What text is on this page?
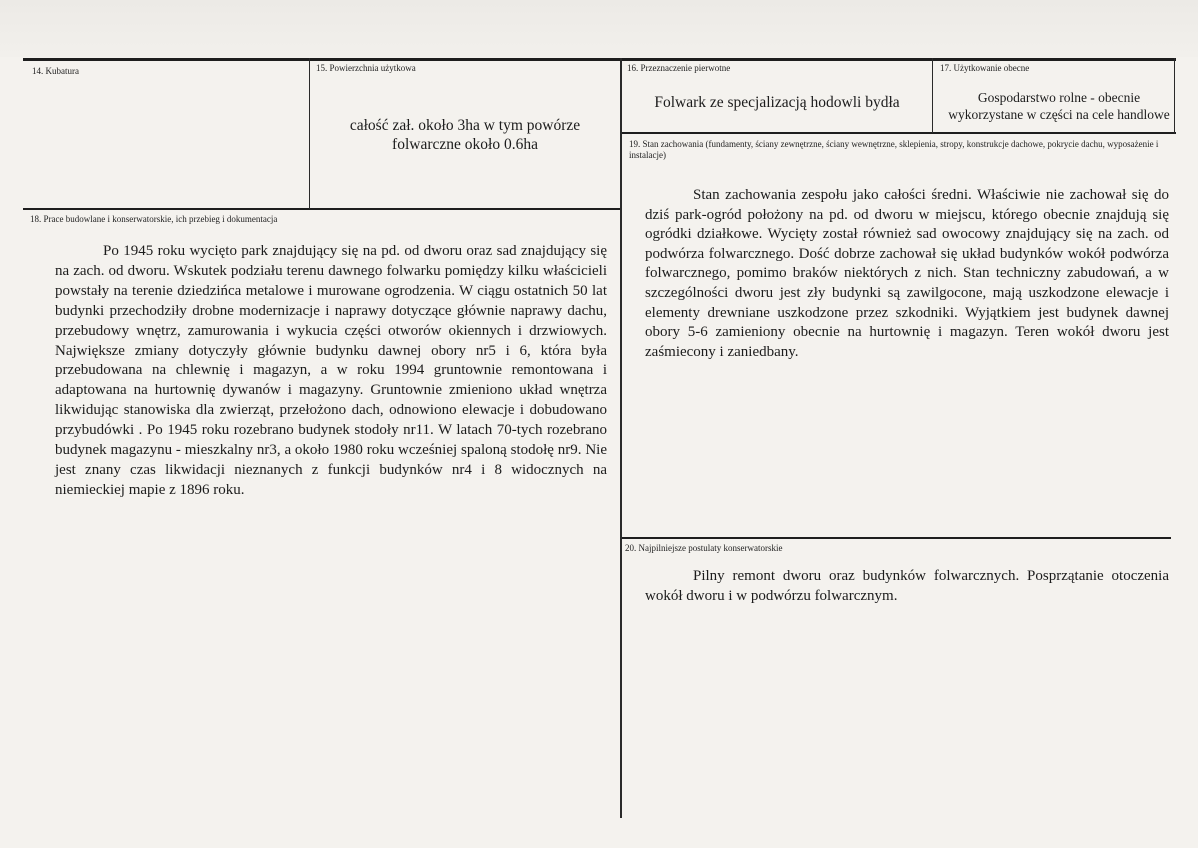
14. Kubatura	15. Powierzchnia użytkowa
całość zał. około 3ha w tym powórze folwarczne około 0.6ha
16. Przeznaczenie pierwotne
Folwark ze specjalizacją hodowli bydła
17. Użytkowanie obecne
Gospodarstwo rolne - obecnie wykorzystane w części na cele handlowe
18. Prace budowlane i konserwatorskie, ich przebieg i dokumentacja
Po 1945 roku wycięto park znajdujący się na pd. od dworu oraz sad znajdujący się na zach. od dworu. Wskutek podziału terenu dawnego folwarku pomiędzy kilku właścicieli powstały na terenie dziedzińca metalowe i murowane ogrodzenia. W ciągu ostatnich 50 lat budynki przechodziły drobne modernizacje i naprawy dotyczące głównie naprawy dachu, przebudowy wnętrz, zamurowania i wykucia części otworów okiennych i drzwiowych. Największe zmiany dotyczyły głównie budynku dawnej obory nr5 i 6, która była przebudowana na chlewnię i magazyn, a w roku 1994 gruntownie remontowana i adaptowana na hurtownię dywanów i magazyny. Gruntownie zmieniono układ wnętrza likwidując stanowiska dla zwierząt, przełożono dach, odnowiono elewacje i dobudowano przybudówki . Po 1945 roku rozebrano budynek stodoły nr11. W latach 70-tych rozebrano budynek magazynu - mieszkalny nr3, a około 1980 roku wcześniej spaloną stodołę nr9. Nie jest znany czas likwidacji nieznanych z funkcji budynków nr4 i 8 widocznych na niemieckiej mapie z 1896 roku.
19. Stan zachowania (fundamenty, ściany zewnętrzne, ściany wewnętrzne, sklepienia, stropy, konstrukcje dachowe, pokrycie dachu, wyposażenie i instalacje)
Stan zachowania zespołu jako całości średni. Właściwie nie zachował się do dziś park-ogród położony na pd. od dworu w miejscu, którego obecnie znajdują się ogródki działkowe. Wycięty został również sad owocowy znajdujący się na zach. od podwórza folwarcznego. Dość dobrze zachował się układ budynków wokół podwórza folwarcznego, pomimo braków niektórych z nich. Stan techniczny zabudowań, a w szczególności dworu jest zły budynki są zawilgocone, mają uszkodzone elewacje i elementy drewniane uszkodzone przez szkodniki. Wyjątkiem jest budynek dawnej obory 5-6 zamieniony obecnie na hurtownię i magazyn. Teren wokół dworu jest zaśmiecony i zaniedbany.
20. Najpilniejsze postulaty konserwatorskie
Pilny remont dworu oraz budynków folwarcznych. Posprzątanie otoczenia wokół dworu i w podwórzu folwarcznym.
